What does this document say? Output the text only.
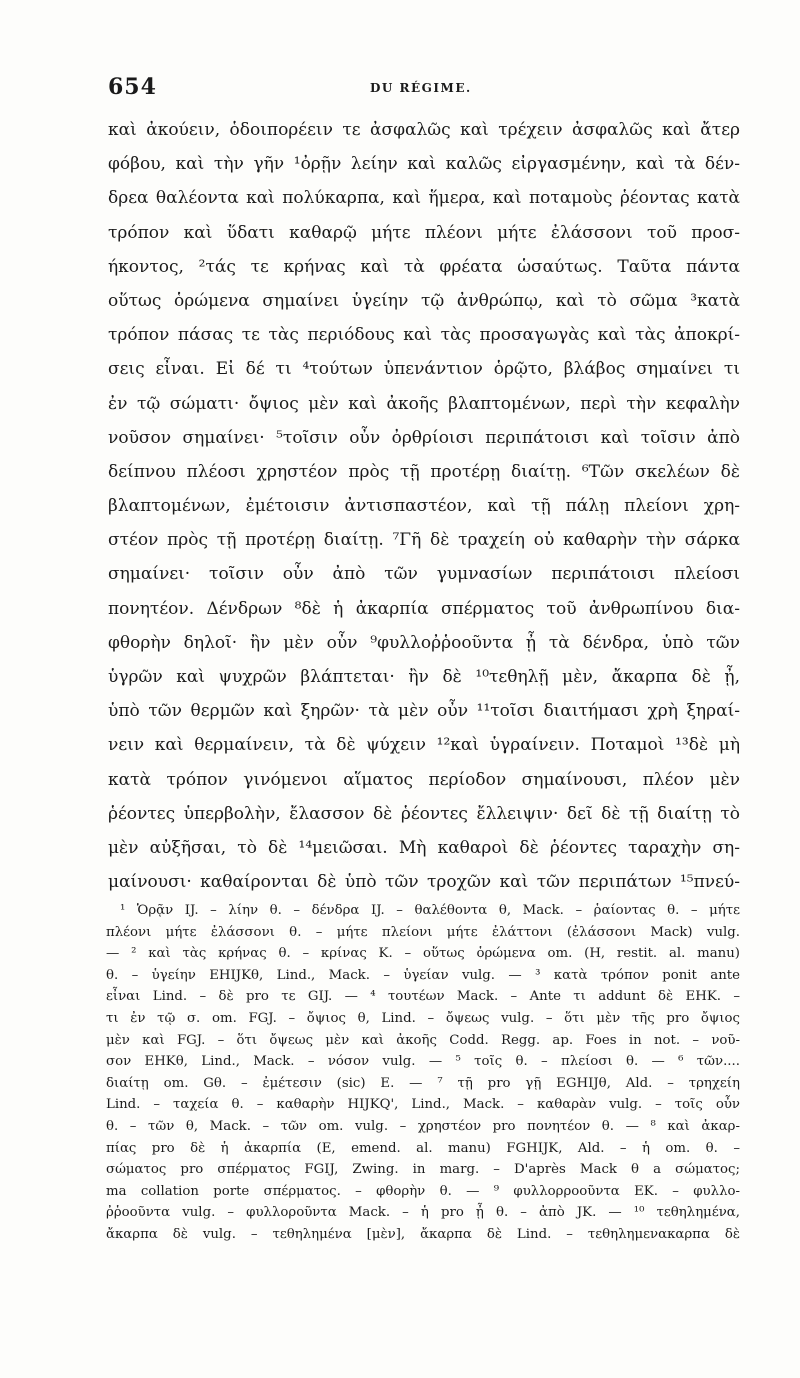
654	DU RÉGIME.
καὶ ἀκούειν, ὁδοιπορέειν τε ἀσφαλῶς καὶ τρέχειν ἀσφαλῶς καὶ ἄτερ
φόβου, καὶ τὴν γῆν ¹ὀρῇν λείην καὶ καλῶς εἰργασμένην, καὶ τὰ δέν-
δρεα θαλέοντα καὶ πολύκαρπα, καὶ ἥμερα, καὶ ποταμοὺς ῥέοντας κατὰ
τρόπον καὶ ὕδατι καθαρῷ μήτε πλέονι μήτε ἐλάσσονι τοῦ προσ-
ήκοντος, ²τάς τε κρήνας καὶ τὰ φρέατα ὡσαύτως. Ταῦτα πάντα
οὕτως ὁρώμενα σημαίνει ὑγείην τῷ ἀνθρώπῳ, καὶ τὸ σῶμα ³κατὰ
τρόπον πάσας τε τὰς περιόδους καὶ τὰς προσαγωγὰς καὶ τὰς ἀποκρί-
σεις εἶναι. Εἰ δέ τι ⁴τούτων ὑπενάντιον ὁρῷτο, βλάβος σημαίνει τι
ἐν τῷ σώματι· ὄψιος μὲν καὶ ἀκοῆς βλαπτομένων, περὶ τὴν κεφαλὴν
νοῦσον σημαίνει· ⁵τοῖσιν οὖν ὀρθρίοισι περιπάτοισι καὶ τοῖσιν ἀπὸ
δείπνου πλέοσι χρηστέον πρὸς τῇ προτέρῃ διαίτῃ. ⁶Τῶν σκελέων δὲ
βλαπτομένων, ἐμέτοισιν ἀντισπαστέον, καὶ τῇ πάλῃ πλείονι χρη-
στέον πρὸς τῇ προτέρῃ διαίτῃ. ⁷Γῆ δὲ τραχείη οὐ καθαρὴν τὴν σάρκα
σημαίνει· τοῖσιν οὖν ἀπὸ τῶν γυμνασίων περιπάτοισι πλείοσι
πονητέον. Δένδρων ⁸δὲ ἡ ἀκαρπία σπέρματος τοῦ ἀνθρωπίνου δια-
φθορὴν δηλοῖ· ἢν μὲν οὖν ⁹φυλλοῤῥοοῦντα ᾖ τὰ δένδρα, ὑπὸ τῶν
ὑγρῶν καὶ ψυχρῶν βλάπτεται· ἢν δὲ ¹⁰τεθηλῇ μὲν, ἄκαρπα δὲ ᾖ,
ὑπὸ τῶν θερμῶν καὶ ξηρῶν· τὰ μὲν οὖν ¹¹τοῖσι διαιτήμασι χρὴ ξηραί-
νειν καὶ θερμαίνειν, τὰ δὲ ψύχειν ¹²καὶ ὑγραίνειν. Ποταμοὶ ¹³δὲ μὴ
κατὰ τρόπον γινόμενοι αἵματος περίοδον σημαίνουσι, πλέον μὲν
ῥέοντες ὑπερβολὴν, ἔλασσον δὲ ῥέοντες ἔλλειψιν· δεῖ δὲ τῇ διαίτῃ τὸ
μὲν αὐξῆσαι, τὸ δὲ ¹⁴μειῶσαι. Μὴ καθαροὶ δὲ ῥέοντες ταραχὴν ση-
μαίνουσι· καθαίρονται δὲ ὑπὸ τῶν τροχῶν καὶ τῶν περιπάτων ¹⁵πνεύ-
¹ Ὁρᾷν IJ. – λίην θ. – δένδρα IJ. – θαλέθοντα θ, Mack. – ῥαίοντας θ. – μήτε
πλέονι μήτε ἐλάσσονι θ. – μήτε πλείονι μήτε ἐλάττονι (ἐλάσσονι Mack) vulg.
— ² καὶ τὰς κρήνας θ. – κρίνας K. – οὕτως ὁρώμενα om. (H, restit. al. manu)
θ. – ὑγείην EHIJKθ, Lind., Mack. – ὑγείαν vulg. — ³ κατὰ τρόπον ponit ante
εἶναι Lind. – δὲ pro τε GIJ. — ⁴ τουτέων Mack. – Ante τι addunt δὲ EHK. –
τι ἐν τῷ σ. om. FGJ. – ὄψιος θ, Lind. – ὄψεως vulg. – ὅτι μὲν τῆς pro ὄψιος
μὲν καὶ FGJ. – ὅτι ὄψεως μὲν καὶ ἀκοῆς Codd. Regg. ap. Foes in not. – νοῦ-
σον EHKθ, Lind., Mack. – νόσον vulg. — ⁵ τοῖς θ. – πλείοσι θ. — ⁶ τῶν....
διαίτῃ om. Gθ. – ἐμέτεσιν (sic) E. — ⁷ τῇ pro γῇ EGHIJθ, Ald. – τρηχείη
Lind. – ταχεία θ. – καθαρὴν HIJKQ', Lind., Mack. – καθαρὰν vulg. – τοῖς οὖν
θ. – τῶν θ, Mack. – τῶν om. vulg. – χρηστέον pro πονητέον θ. — ⁸ καὶ ἀκαρ-
πίας pro δὲ ἡ ἀκαρπία (E, emend. al. manu) FGHIJK, Ald. – ἡ om. θ. –
σώματος pro σπέρματος FGIJ, Zwing. in marg. – D'après Mack θ a σώματος;
ma collation porte σπέρματος. – φθορὴν θ. — ⁹ φυλλορροοῦντα EK. – φυλλο-
ῤῥοοῦντα vulg. – φυλλοροῦντα Mack. – ἡ pro ᾖ θ. – ἀπὸ JK. — ¹⁰ τεθηλημένα,
ἄκαρπα δὲ vulg. – τεθηλημένα [μὲν], ἄκαρπα δὲ Lind. – τεθηλημενακαρπα δὲ
